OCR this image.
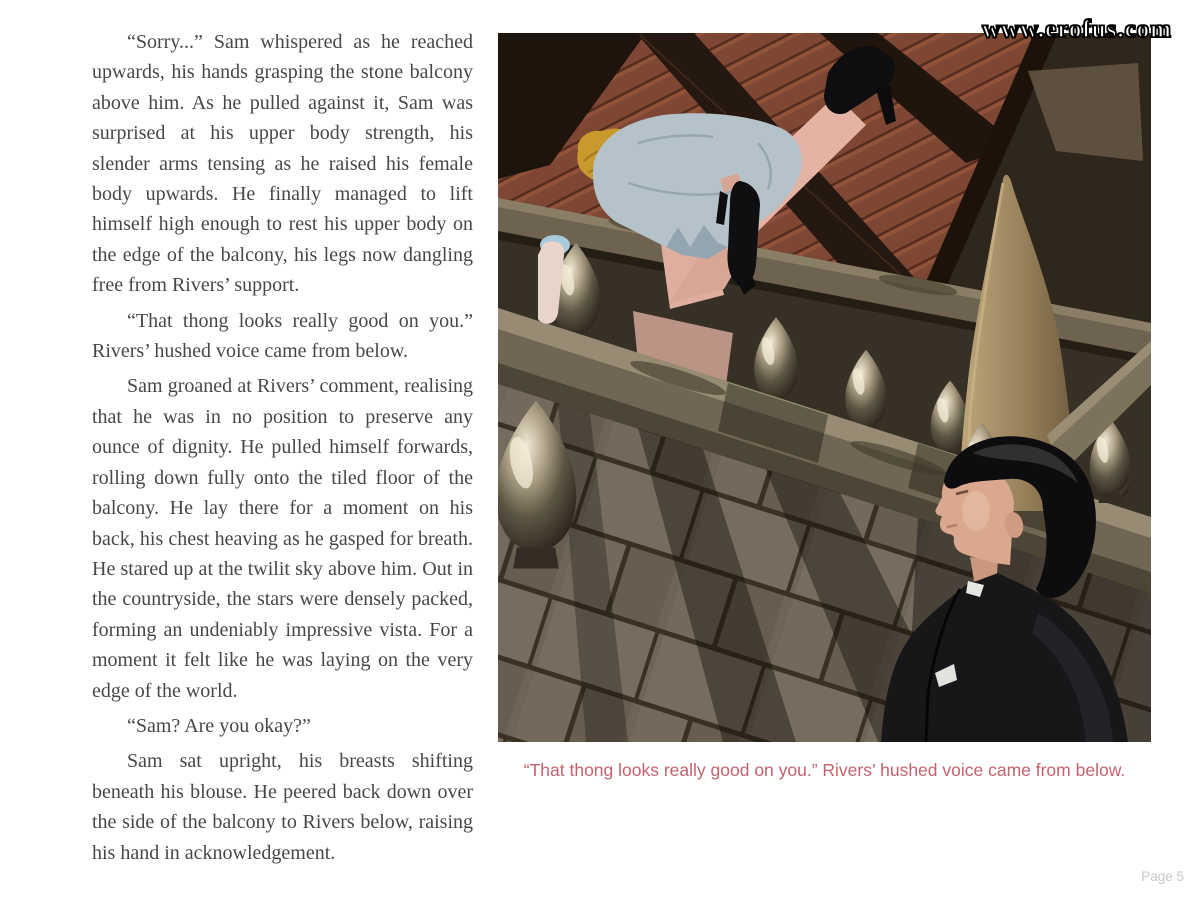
“Sorry...” Sam whispered as he reached upwards, his hands grasping the stone balcony above him. As he pulled against it, Sam was surprised at his upper body strength, his slender arms tensing as he raised his female body upwards. He finally managed to lift himself high enough to rest his upper body on the edge of the balcony, his legs now dangling free from Rivers’ support.

“That thong looks really good on you.” Rivers’ hushed voice came from below.

Sam groaned at Rivers’ comment, realising that he was in no position to preserve any ounce of dignity. He pulled himself forwards, rolling down fully onto the tiled floor of the balcony. He lay there for a moment on his back, his chest heaving as he gasped for breath. He stared up at the twilit sky above him. Out in the countryside, the stars were densely packed, forming an undeniably impressive vista. For a moment it felt like he was laying on the very edge of the world.

“Sam? Are you okay?”

Sam sat upright, his breasts shifting beneath his blouse. He peered back down over the side of the balcony to Rivers below, raising his hand in acknowledgement.

www.erofus.com
“That thong looks really good on you.” Rivers’ hushed voice came from below.
Page 5
